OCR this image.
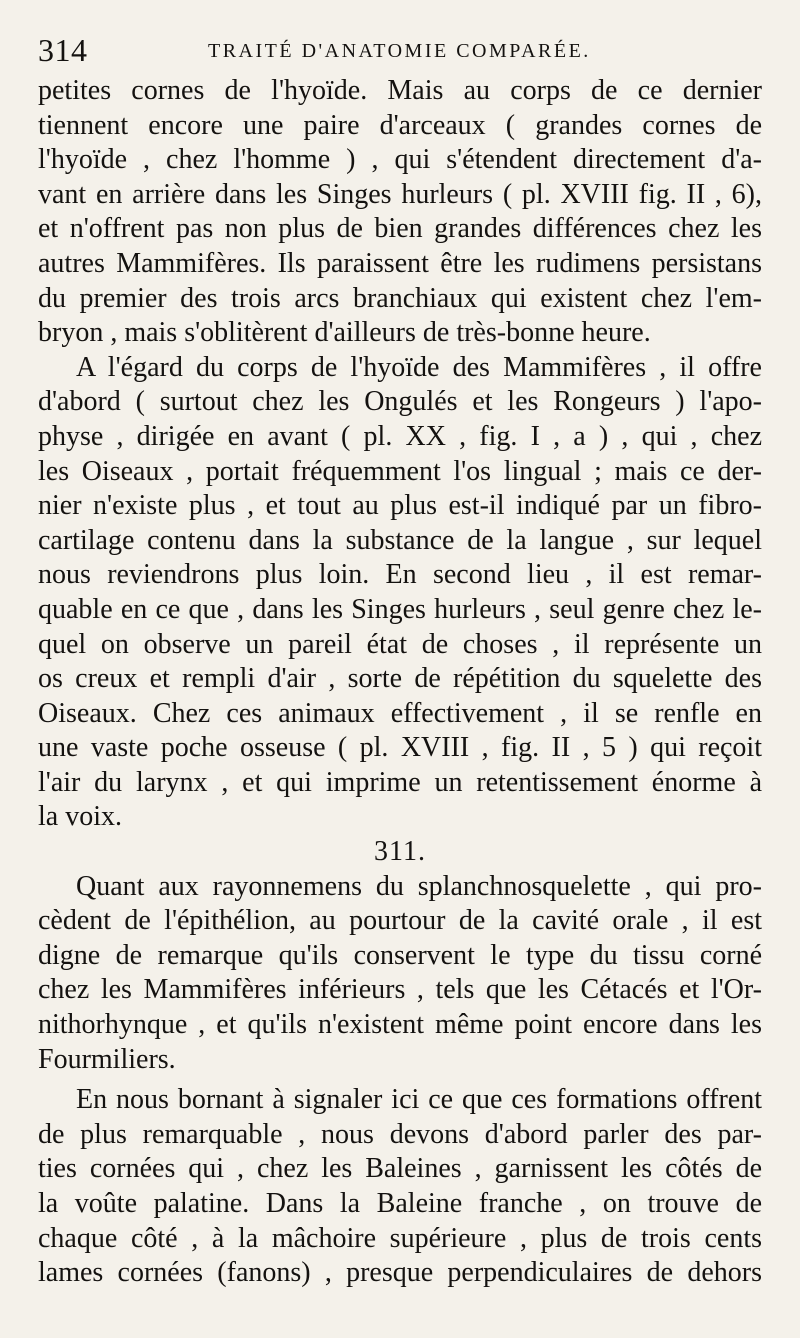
314	TRAITÉ D'ANATOMIE COMPARÉE.
petites cornes de l'hyoïde. Mais au corps de ce dernier
tiennent encore une paire d'arceaux ( grandes cornes de
l'hyoïde , chez l'homme ) , qui s'étendent directement d'a-
vant en arrière dans les Singes hurleurs ( pl. XVIII fig. II , 6),
et n'offrent pas non plus de bien grandes différences chez les
autres Mammifères. Ils paraissent être les rudimens persistans
du premier des trois arcs branchiaux qui existent chez l'em-
bryon , mais s'oblitèrent d'ailleurs de très-bonne heure.
A l'égard du corps de l'hyoïde des Mammifères , il offre
d'abord ( surtout chez les Ongulés et les Rongeurs ) l'apo-
physe , dirigée en avant ( pl. XX , fig. I , a ) , qui , chez
les Oiseaux , portait fréquemment l'os lingual ; mais ce der-
nier n'existe plus , et tout au plus est-il indiqué par un fibro-
cartilage contenu dans la substance de la langue , sur lequel
nous reviendrons plus loin. En second lieu , il est remar-
quable en ce que , dans les Singes hurleurs , seul genre chez le-
quel on observe un pareil état de choses , il représente un
os creux et rempli d'air , sorte de répétition du squelette des
Oiseaux. Chez ces animaux effectivement , il se renfle en
une vaste poche osseuse ( pl. XVIII , fig. II , 5 ) qui reçoit
l'air du larynx , et qui imprime un retentissement énorme à
la voix.
311.
Quant aux rayonnemens du splanchnosquelette , qui pro-
cèdent de l'épithélion, au pourtour de la cavité orale , il est
digne de remarque qu'ils conservent le type du tissu corné
chez les Mammifères inférieurs , tels que les Cétacés et l'Or-
nithorhynque , et qu'ils n'existent même point encore dans les
Fourmiliers.
En nous bornant à signaler ici ce que ces formations offrent
de plus remarquable , nous devons d'abord parler des par-
ties cornées qui , chez les Baleines , garnissent les côtés de
la voûte palatine. Dans la Baleine franche , on trouve de
chaque côté , à la mâchoire supérieure , plus de trois cents
lames cornées (fanons) , presque perpendiculaires de dehors
